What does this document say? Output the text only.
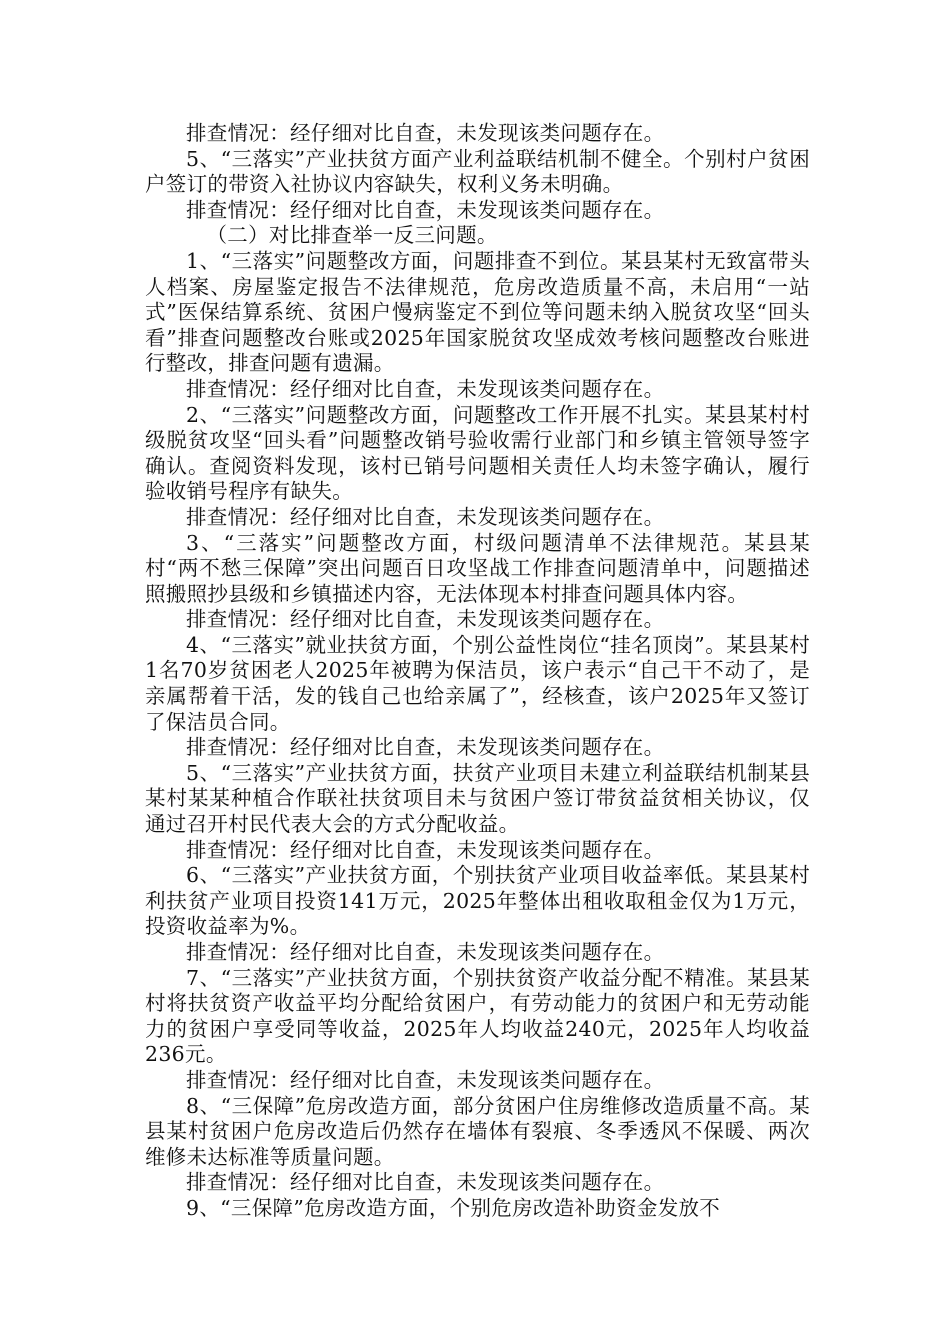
排查情况：经仔细对比自查，未发现该类问题存在。

5、“三落实”产业扶贫方面产业利益联结机制不健全。个别村户贫困户签订的带资入社协议内容缺失，权利义务未明确。

排查情况：经仔细对比自查，未发现该类问题存在。

（二）对比排查举一反三问题。

1、“三落实”问题整改方面，问题排查不到位。某县某村无致富带头人档案、房屋鉴定报告不法律规范，危房改造质量不高，未启用“一站式”医保结算系统、贫困户慢病鉴定不到位等问题未纳入脱贫攻坚“回头看”排查问题整改台账或2025年国家脱贫攻坚成效考核问题整改台账进行整改，排查问题有遗漏。

排查情况：经仔细对比自查，未发现该类问题存在。

2、“三落实”问题整改方面，问题整改工作开展不扎实。某县某村村级脱贫攻坚“回头看”问题整改销号验收需行业部门和乡镇主管领导签字确认。查阅资料发现，该村已销号问题相关责任人均未签字确认，履行验收销号程序有缺失。

排查情况：经仔细对比自查，未发现该类问题存在。

3、“三落实”问题整改方面，村级问题清单不法律规范。某县某村“两不愁三保障”突出问题百日攻坚战工作排查问题清单中，问题描述照搬照抄县级和乡镇描述内容，无法体现本村排查问题具体内容。

排查情况：经仔细对比自查，未发现该类问题存在。

4、“三落实”就业扶贫方面，个别公益性岗位“挂名顶岗”。某县某村1名70岁贫困老人2025年被聘为保洁员，该户表示“自己干不动了，是亲属帮着干活，发的钱自己也给亲属了”，经核查，该户2025年又签订了保洁员合同。

排查情况：经仔细对比自查，未发现该类问题存在。

5、“三落实”产业扶贫方面，扶贫产业项目未建立利益联结机制某县某村某某种植合作联社扶贫项目未与贫困户签订带贫益贫相关协议，仅通过召开村民代表大会的方式分配收益。

排查情况：经仔细对比自查，未发现该类问题存在。

6、“三落实”产业扶贫方面，个别扶贫产业项目收益率低。某县某村利扶贫产业项目投资141万元，2025年整体出租收取租金仅为1万元，投资收益率为%。

排查情况：经仔细对比自查，未发现该类问题存在。

7、“三落实”产业扶贫方面，个别扶贫资产收益分配不精准。某县某村将扶贫资产收益平均分配给贫困户，有劳动能力的贫困户和无劳动能力的贫困户享受同等收益，2025年人均收益240元，2025年人均收益236元。

排查情况：经仔细对比自查，未发现该类问题存在。

8、“三保障”危房改造方面，部分贫困户住房维修改造质量不高。某县某村贫困户危房改造后仍然存在墙体有裂痕、冬季透风不保暖、两次维修未达标准等质量问题。

排查情况：经仔细对比自查，未发现该类问题存在。

9、“三保障”危房改造方面，个别危房改造补助资金发放不
